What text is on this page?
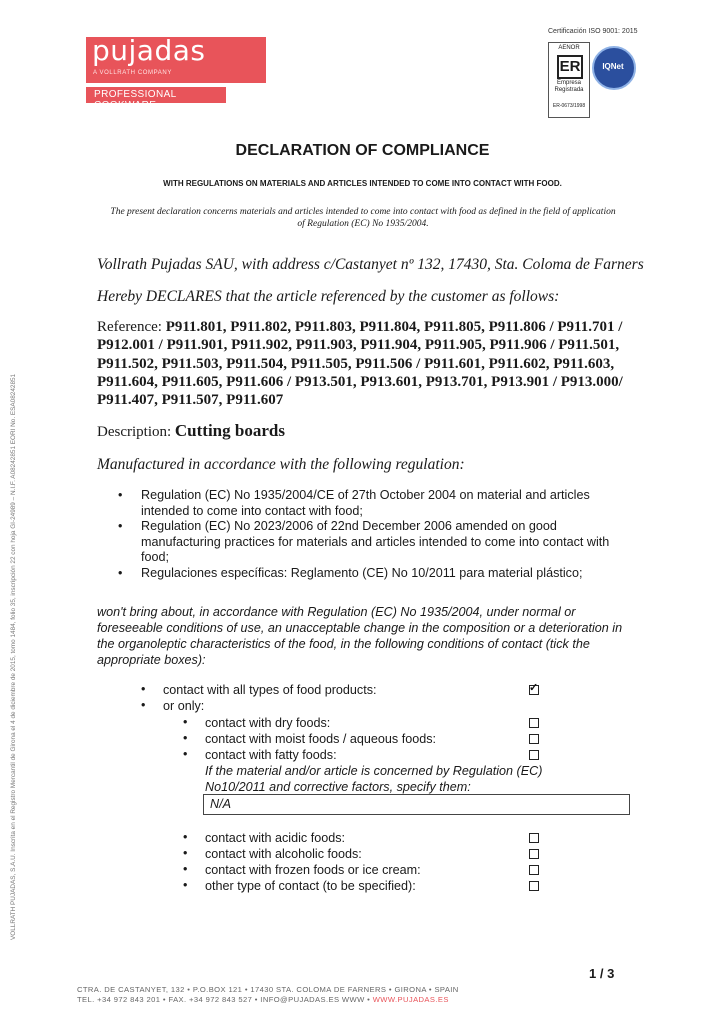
pujadas
A VOLLRATH COMPANY
PROFESSIONAL COOKWARE
Certificación ISO 9001: 2015
AENOR
ER
Empresa
Registrada
ER-0673/1998
IQNet
VOLLRATH PUJADAS, S.A.U. Inscrita en el Registro Mercantil de Girona el 4 de diciembre de 2015, tomo 1484, folio 35, inscripción 22 con hoja GI-24989 – N.I.F. A08242851 EORI No. ESA08242851
DECLARATION OF COMPLIANCE
WITH REGULATIONS ON MATERIALS AND ARTICLES INTENDED TO COME INTO CONTACT WITH FOOD.
The present declaration concerns materials and articles intended to come into contact with food as defined in the field of application of Regulation (EC) No 1935/2004.
Vollrath Pujadas SAU, with address c/Castanyet nº 132, 17430, Sta. Coloma de Farners
Hereby DECLARES that the article referenced by the customer as follows:
Reference: P911.801, P911.802, P911.803, P911.804, P911.805, P911.806 / P911.701 / P912.001 / P911.901, P911.902, P911.903, P911.904, P911.905, P911.906 / P911.501, P911.502, P911.503, P911.504, P911.505, P911.506 / P911.601, P911.602, P911.603, P911.604, P911.605, P911.606 / P913.501, P913.601, P913.701, P913.901 / P913.000/ P911.407, P911.507, P911.607
Description: Cutting boards
Manufactured in accordance with the following regulation:
• Regulation (EC) No 1935/2004/CE of 27th October 2004 on material and articles intended to come into contact with food;
• Regulation (EC) No 2023/2006 of 22nd December 2006 amended on good manufacturing practices for materials and articles intended to come into contact with food;
• Regulaciones específicas: Reglamento (CE) No 10/2011 para material plástico;
won't bring about, in accordance with Regulation (EC) No 1935/2004, under normal or foreseeable conditions of use, an unacceptable change in the composition or a deterioration in the organoleptic characteristics of the food, in the following conditions of contact (tick the appropriate boxes):
• contact with all types of food products:
✓
• or only:
• contact with dry foods:
• contact with moist foods / aqueous foods:
• contact with fatty foods:
If the material and/or article is concerned by Regulation (EC)
No10/2011 and corrective factors, specify them:
N/A
• contact with acidic foods:
• contact with alcoholic foods:
• contact with frozen foods or ice cream:
• other type of contact (to be specified):
1 / 3
CTRA. DE CASTANYET, 132 • P.O.BOX 121 • 17430 STA. COLOMA DE FARNERS • GIRONA • SPAIN
TEL. +34 972 843 201 • FAX. +34 972 843 527 • INFO@PUJADAS.ES WWW • WWW.PUJADAS.ES
